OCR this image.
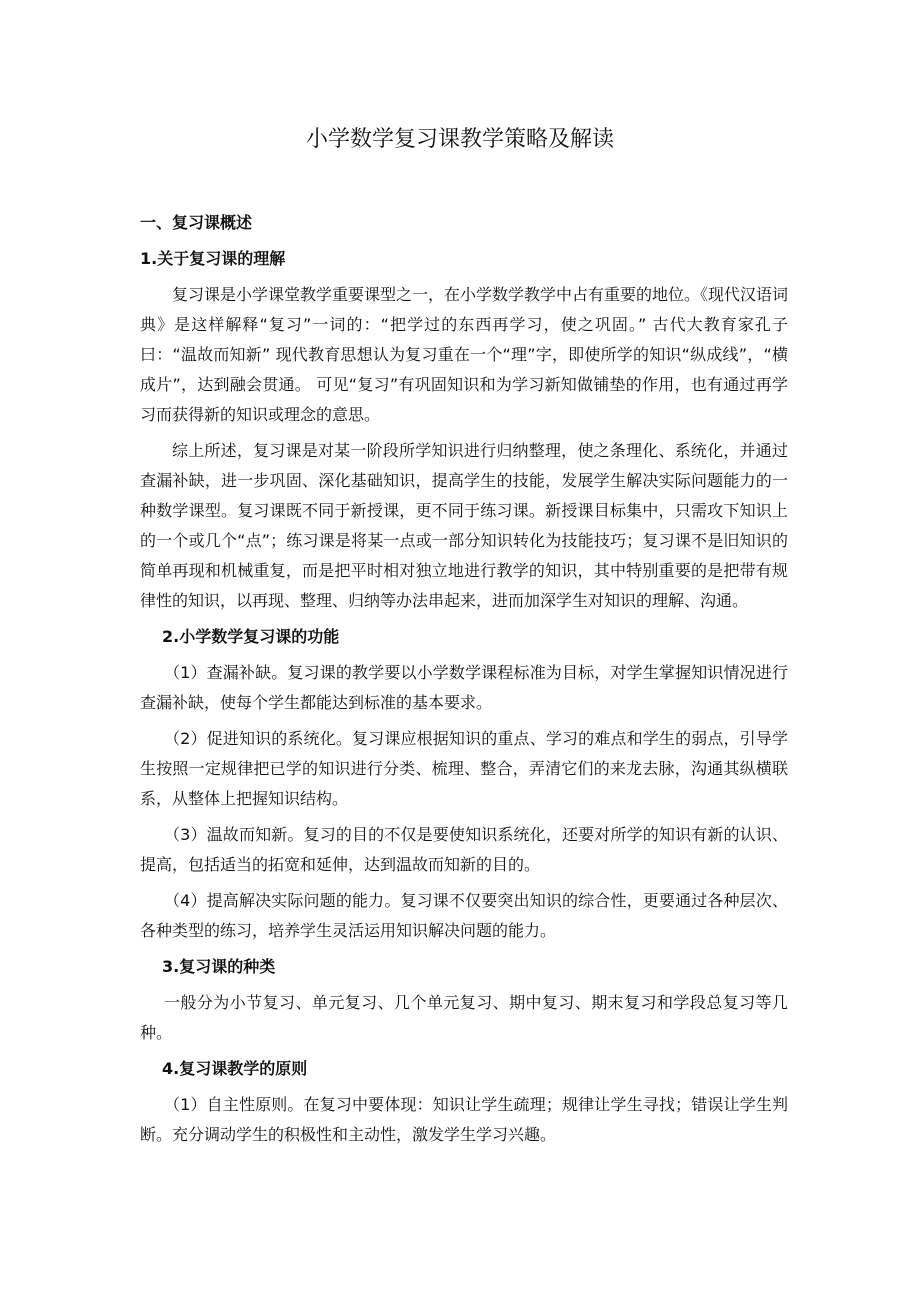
小学数学复习课教学策略及解读
一、复习课概述
1.关于复习课的理解

复习课是小学课堂教学重要课型之一，在小学数学教学中占有重要的地位。《现代汉语词典》是这样解释“复习”一词的：“把学过的东西再学习，使之巩固。” 古代大教育家孔子曰：“温故而知新” 现代教育思想认为复习重在一个“理”字，即使所学的知识“纵成线”，“横成片”，达到融会贯通。 可见“复习”有巩固知识和为学习新知做铺垫的作用，也有通过再学习而获得新的知识或理念的意思。

综上所述，复习课是对某一阶段所学知识进行归纳整理，使之条理化、系统化，并通过查漏补缺，进一步巩固、深化基础知识，提高学生的技能，发展学生解决实际问题能力的一种数学课型。复习课既不同于新授课，更不同于练习课。新授课目标集中，只需攻下知识上的一个或几个“点”；练习课是将某一点或一部分知识转化为技能技巧；复习课不是旧知识的简单再现和机械重复，而是把平时相对独立地进行教学的知识，其中特别重要的是把带有规律性的知识，以再现、整理、归纳等办法串起来，进而加深学生对知识的理解、沟通。

2.小学数学复习课的功能

（1）查漏补缺。复习课的教学要以小学数学课程标准为目标，对学生掌握知识情况进行查漏补缺，使每个学生都能达到标准的基本要求。

（2）促进知识的系统化。复习课应根据知识的重点、学习的难点和学生的弱点，引导学生按照一定规律把已学的知识进行分类、梳理、整合，弄清它们的来龙去脉，沟通其纵横联系，从整体上把握知识结构。

（3）温故而知新。复习的目的不仅是要使知识系统化，还要对所学的知识有新的认识、提高，包括适当的拓宽和延伸，达到温故而知新的目的。

（4）提高解决实际问题的能力。复习课不仅要突出知识的综合性，更要通过各种层次、各种类型的练习，培养学生灵活运用知识解决问题的能力。

3.复习课的种类

一般分为小节复习、单元复习、几个单元复习、期中复习、期末复习和学段总复习等几种。

4.复习课教学的原则

（1）自主性原则。在复习中要体现：知识让学生疏理；规律让学生寻找；错误让学生判断。充分调动学生的积极性和主动性，激发学生学习兴趣。
